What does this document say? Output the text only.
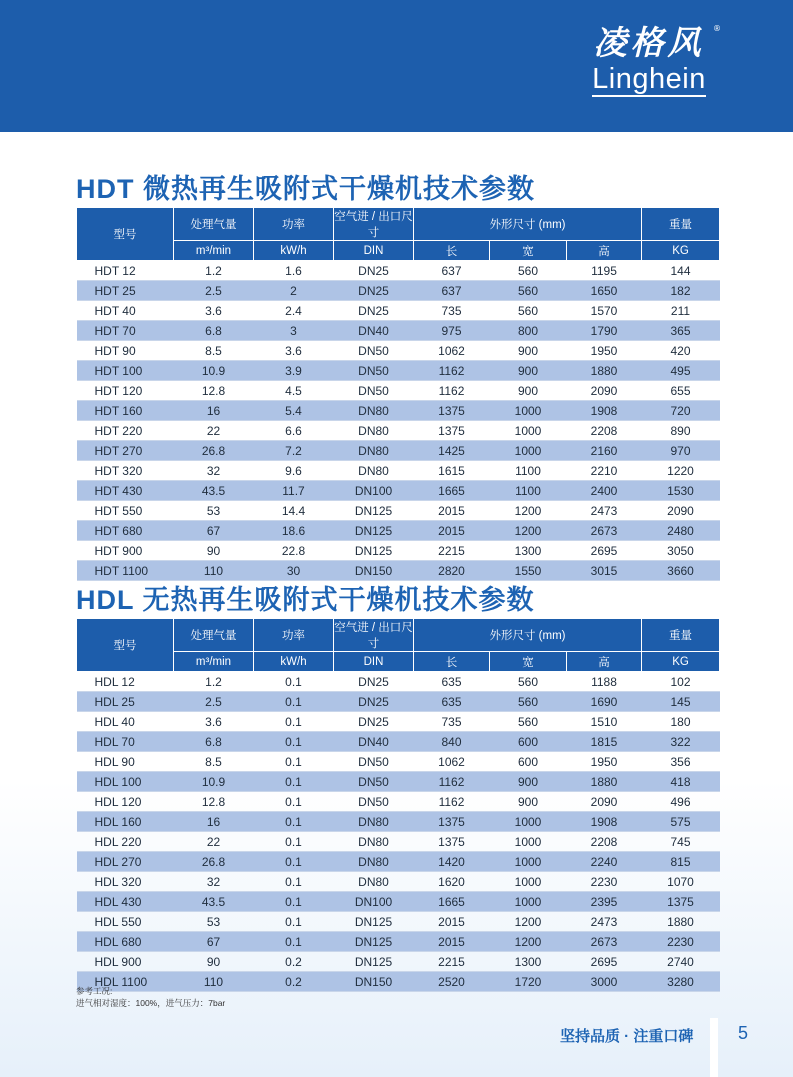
凌格风	®
Linghein
HDT 微热再生吸附式干燥机技术参数
型号	处理气量	功率	空气进 / 出口尺寸	外形尺寸 (mm)			重量
	m³/min	kW/h	DIN	长	宽	高	KG
HDT 12	1.2	1.6	DN25	637	560	1195	144
HDT 25	2.5	2	DN25	637	560	1650	182
HDT 40	3.6	2.4	DN25	735	560	1570	211
HDT 70	6.8	3	DN40	975	800	1790	365
HDT 90	8.5	3.6	DN50	1062	900	1950	420
HDT 100	10.9	3.9	DN50	1162	900	1880	495
HDT 120	12.8	4.5	DN50	1162	900	2090	655
HDT 160	16	5.4	DN80	1375	1000	1908	720
HDT 220	22	6.6	DN80	1375	1000	2208	890
HDT 270	26.8	7.2	DN80	1425	1000	2160	970
HDT 320	32	9.6	DN80	1615	1100	2210	1220
HDT 430	43.5	11.7	DN100	1665	1100	2400	1530
HDT 550	53	14.4	DN125	2015	1200	2473	2090
HDT 680	67	18.6	DN125	2015	1200	2673	2480
HDT 900	90	22.8	DN125	2215	1300	2695	3050
HDT 1100	110	30	DN150	2820	1550	3015	3660
HDL 无热再生吸附式干燥机技术参数
型号	处理气量	功率	空气进 / 出口尺寸	外形尺寸 (mm)			重量
	m³/min	kW/h	DIN	长	宽	高	KG
HDL 12	1.2	0.1	DN25	635	560	1188	102
HDL 25	2.5	0.1	DN25	635	560	1690	145
HDL 40	3.6	0.1	DN25	735	560	1510	180
HDL 70	6.8	0.1	DN40	840	600	1815	322
HDL 90	8.5	0.1	DN50	1062	600	1950	356
HDL 100	10.9	0.1	DN50	1162	900	1880	418
HDL 120	12.8	0.1	DN50	1162	900	2090	496
HDL 160	16	0.1	DN80	1375	1000	1908	575
HDL 220	22	0.1	DN80	1375	1000	2208	745
HDL 270	26.8	0.1	DN80	1420	1000	2240	815
HDL 320	32	0.1	DN80	1620	1000	2230	1070
HDL 430	43.5	0.1	DN100	1665	1000	2395	1375
HDL 550	53	0.1	DN125	2015	1200	2473	1880
HDL 680	67	0.1	DN125	2015	1200	2673	2230
HDL 900	90	0.2	DN125	2215	1300	2695	2740
HDL 1100	110	0.2	DN150	2520	1720	3000	3280
参考工况:
进气相对湿度：100%，进气压力：7bar
坚持品质 · 注重口碑 5
